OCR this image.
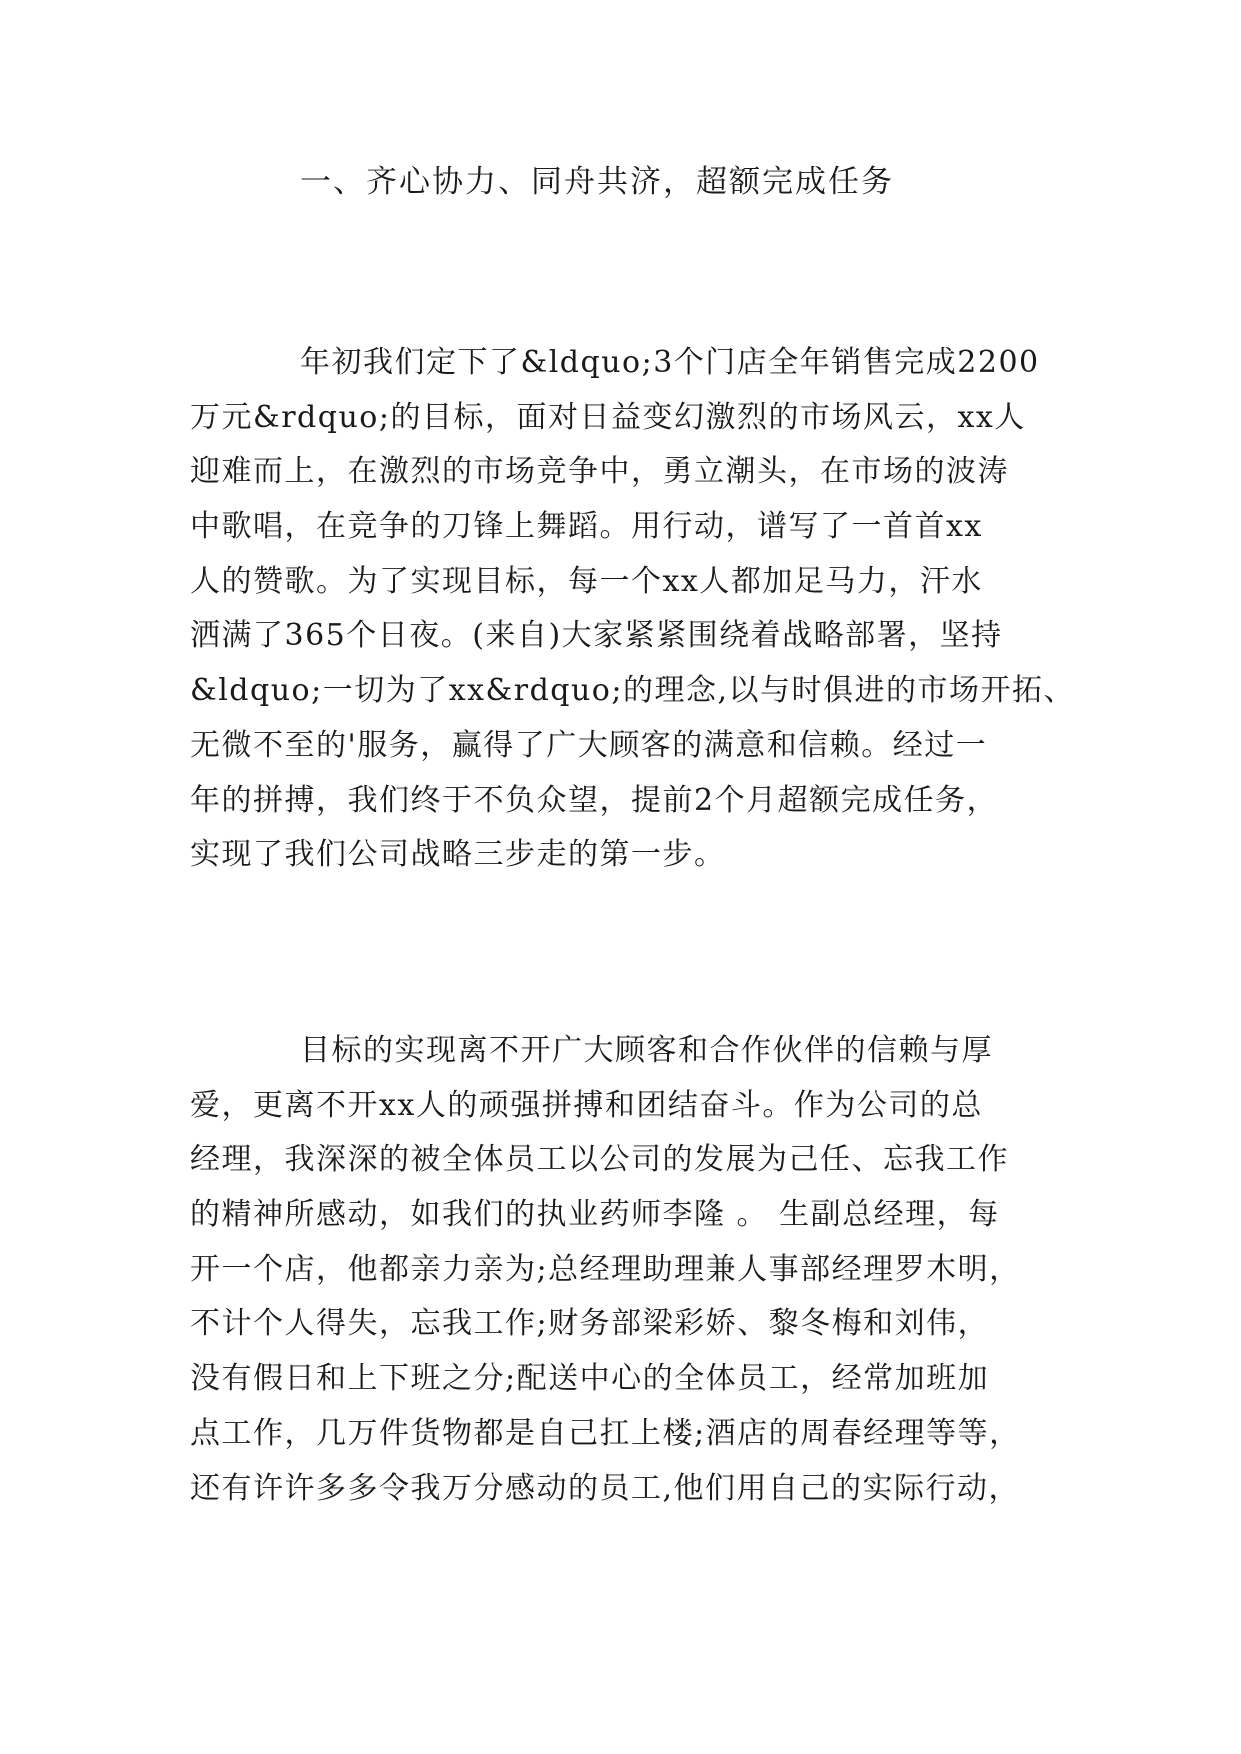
一、齐心协力、同舟共济，超额完成任务
年初我们定下了&ldquo;3个门店全年销售完成2200
万元&rdquo;的目标，面对日益变幻激烈的市场风云，xx人
迎难而上，在激烈的市场竞争中，勇立潮头，在市场的波涛
中歌唱，在竞争的刀锋上舞蹈。用行动，谱写了一首首xx
人的赞歌。为了实现目标，每一个xx人都加足马力，汗水
洒满了365个日夜。(来自)大家紧紧围绕着战略部署，坚持
&ldquo;一切为了xx&rdquo;的理念,以与时俱进的市场开拓、
无微不至的'服务，赢得了广大顾客的满意和信赖。经过一
年的拼搏，我们终于不负众望，提前2个月超额完成任务，
实现了我们公司战略三步走的第一步。
目标的实现离不开广大顾客和合作伙伴的信赖与厚
爱，更离不开xx人的顽强拼搏和团结奋斗。作为公司的总
经理，我深深的被全体员工以公司的发展为己任、忘我工作
的精神所感动，如我们的执业药师李隆 。 生副总经理，每
开一个店，他都亲力亲为;总经理助理兼人事部经理罗木明，
不计个人得失，忘我工作;财务部梁彩娇、黎冬梅和刘伟，
没有假日和上下班之分;配送中心的全体员工，经常加班加
点工作，几万件货物都是自己扛上楼;酒店的周春经理等等，
还有许许多多令我万分感动的员工,他们用自己的实际行动，
